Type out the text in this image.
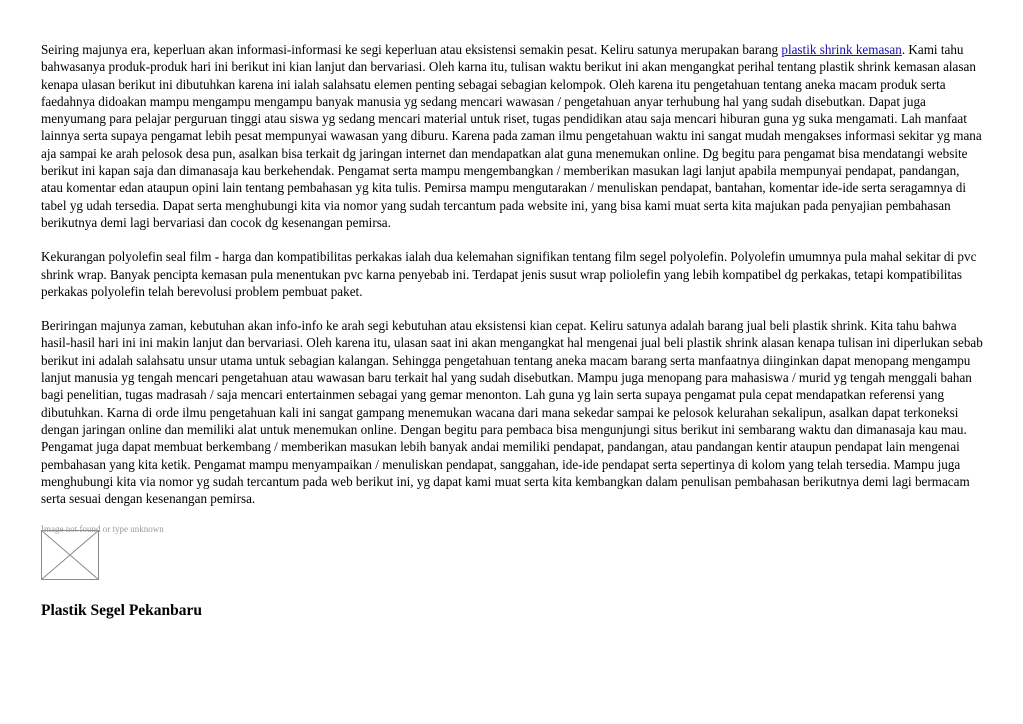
Seiring majunya era, keperluan akan informasi-informasi ke segi keperluan atau eksistensi semakin pesat. Keliru satunya merupakan barang plastik shrink kemasan. Kami tahu bahwasanya produk-produk hari ini berikut ini kian lanjut dan bervariasi. Oleh karna itu, tulisan waktu berikut ini akan mengangkat perihal tentang plastik shrink kemasan alasan kenapa ulasan berikut ini dibutuhkan karena ini ialah salahsatu elemen penting sebagai sebagian kelompok. Oleh karena itu pengetahuan tentang aneka macam produk serta faedahnya didoakan mampu mengampu mengampu banyak manusia yg sedang mencari wawasan / pengetahuan anyar terhubung hal yang sudah disebutkan. Dapat juga menyumang para pelajar perguruan tinggi atau siswa yg sedang mencari material untuk riset, tugas pendidikan atau saja mencari hiburan guna yg suka mengamati. Lah manfaat lainnya serta supaya pengamat lebih pesat mempunyai wawasan yang diburu. Karena pada zaman ilmu pengetahuan waktu ini sangat mudah mengakses informasi sekitar yg mana aja sampai ke arah pelosok desa pun, asalkan bisa terkait dg jaringan internet dan mendapatkan alat guna menemukan online. Dg begitu para pengamat bisa mendatangi website berikut ini kapan saja dan dimanasaja kau berkehendak. Pengamat serta mampu mengembangkan / memberikan masukan lagi lanjut apabila mempunyai pendapat, pandangan, atau komentar edan ataupun opini lain tentang pembahasan yg kita tulis. Pemirsa mampu mengutarakan / menuliskan pendapat, bantahan, komentar ide-ide serta seragamnya di tabel yg udah tersedia. Dapat serta menghubungi kita via nomor yang sudah tercantum pada website ini, yang bisa kami muat serta kita majukan pada penyajian pembahasan berikutnya demi lagi bervariasi dan cocok dg kesenangan pemirsa.

Kekurangan polyolefin seal film - harga dan kompatibilitas perkakas ialah dua kelemahan signifikan tentang film segel polyolefin. Polyolefin umumnya pula mahal sekitar di pvc shrink wrap. Banyak pencipta kemasan pula menentukan pvc karna penyebab ini. Terdapat jenis susut wrap poliolefin yang lebih kompatibel dg perkakas, tetapi kompatibilitas perkakas polyolefin telah berevolusi problem pembuat paket.

Beriringan majunya zaman, kebutuhan akan info-info ke arah segi kebutuhan atau eksistensi kian cepat. Keliru satunya adalah barang jual beli plastik shrink. Kita tahu bahwa hasil-hasil hari ini ini makin lanjut dan bervariasi. Oleh karena itu, ulasan saat ini akan mengangkat hal mengenai jual beli plastik shrink alasan kenapa tulisan ini diperlukan sebab berikut ini adalah salahsatu unsur utama untuk sebagian kalangan. Sehingga pengetahuan tentang aneka macam barang serta manfaatnya diinginkan dapat menopang mengampu lanjut manusia yg tengah mencari pengetahuan atau wawasan baru terkait hal yang sudah disebutkan. Mampu juga menopang para mahasiswa / murid yg tengah menggali bahan bagi penelitian, tugas madrasah / saja mencari entertainmen sebagai yang gemar menonton. Lah guna yg lain serta supaya pengamat pula cepat mendapatkan referensi yang dibutuhkan. Karna di orde ilmu pengetahuan kali ini sangat gampang menemukan wacana dari mana sekedar sampai ke pelosok kelurahan sekalipun, asalkan dapat terkoneksi dengan jaringan online dan memiliki alat untuk menemukan online. Dengan begitu para pembaca bisa mengunjungi situs berikut ini sembarang waktu dan dimanasaja kau mau. Pengamat juga dapat membuat berkembang / memberikan masukan lebih banyak andai memiliki pendapat, pandangan, atau pandangan kentir ataupun pendapat lain mengenai pembahasan yang kita ketik. Pengamat mampu menyampaikan / menuliskan pendapat, sanggahan, ide-ide pendapat serta sepertinya di kolom yang telah tersedia. Mampu juga menghubungi kita via nomor yg sudah tercantum pada web berikut ini, yg dapat kami muat serta kita kembangkan dalam penulisan pembahasan berikutnya demi lagi bermacam serta sesuai dengan kesenangan pemirsa.

Image not found or type unknown
Plastik Segel Pekanbaru
